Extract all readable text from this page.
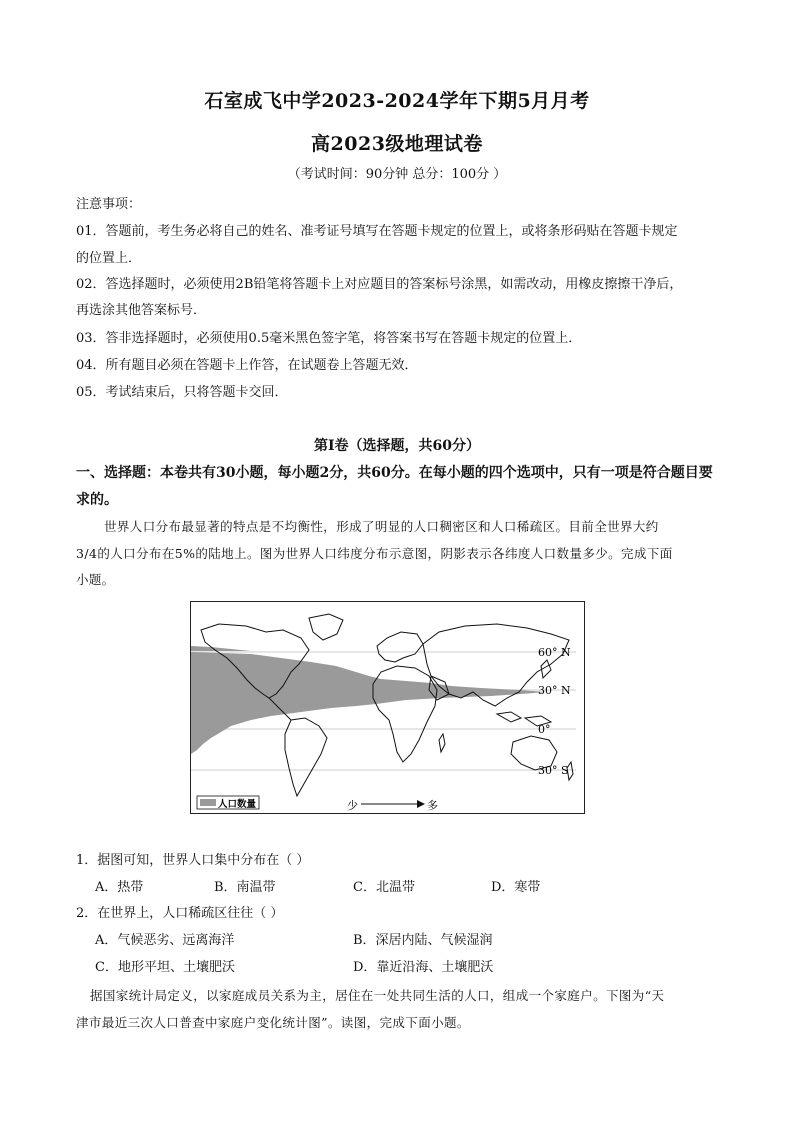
石室成飞中学2023-2024学年下期5月月考
高2023级地理试卷
（考试时间：90分钟 总分：100分 ）
注意事项：
01．答题前，考生务必将自己的姓名、准考证号填写在答题卡规定的位置上，或将条形码贴在答题卡规定
的位置上．
02．答选择题时，必须使用2B铅笔将答题卡上对应题目的答案标号涂黑，如需改动，用橡皮擦擦干净后，
再选涂其他答案标号．
03．答非选择题时，必须使用0.5毫米黑色签字笔，将答案书写在答题卡规定的位置上．
04．所有题目必须在答题卡上作答，在试题卷上答题无效．
05．考试结束后，只将答题卡交回．
第Ⅰ卷（选择题，共60分）
一、选择题：本卷共有30小题，每小题2分，共60分。在每小题的四个选项中，只有一项是符合题目要
求的。
世界人口分布最显著的特点是不均衡性，形成了明显的人口稠密区和人口稀疏区。目前全世界大约
3/4的人口分布在5%的陆地上。图为世界人口纬度分布示意图，阴影表示各纬度人口数量多少。完成下面
小题。
60° N
30° N
0°
30° S
人口数量	少	多
1．据图可知，世界人口集中分布在（ ）
A．热带	B．南温带	C．北温带	D．寒带
2．在世界上，人口稀疏区往往（ ）
A．气候恶劣、远离海洋	B．深居内陆、气候湿润
C．地形平坦、土壤肥沃	D．靠近沿海、土壤肥沃
据国家统计局定义，以家庭成员关系为主，居住在一处共同生活的人口，组成一个家庭户。下图为“天
津市最近三次人口普查中家庭户变化统计图”。读图，完成下面小题。
